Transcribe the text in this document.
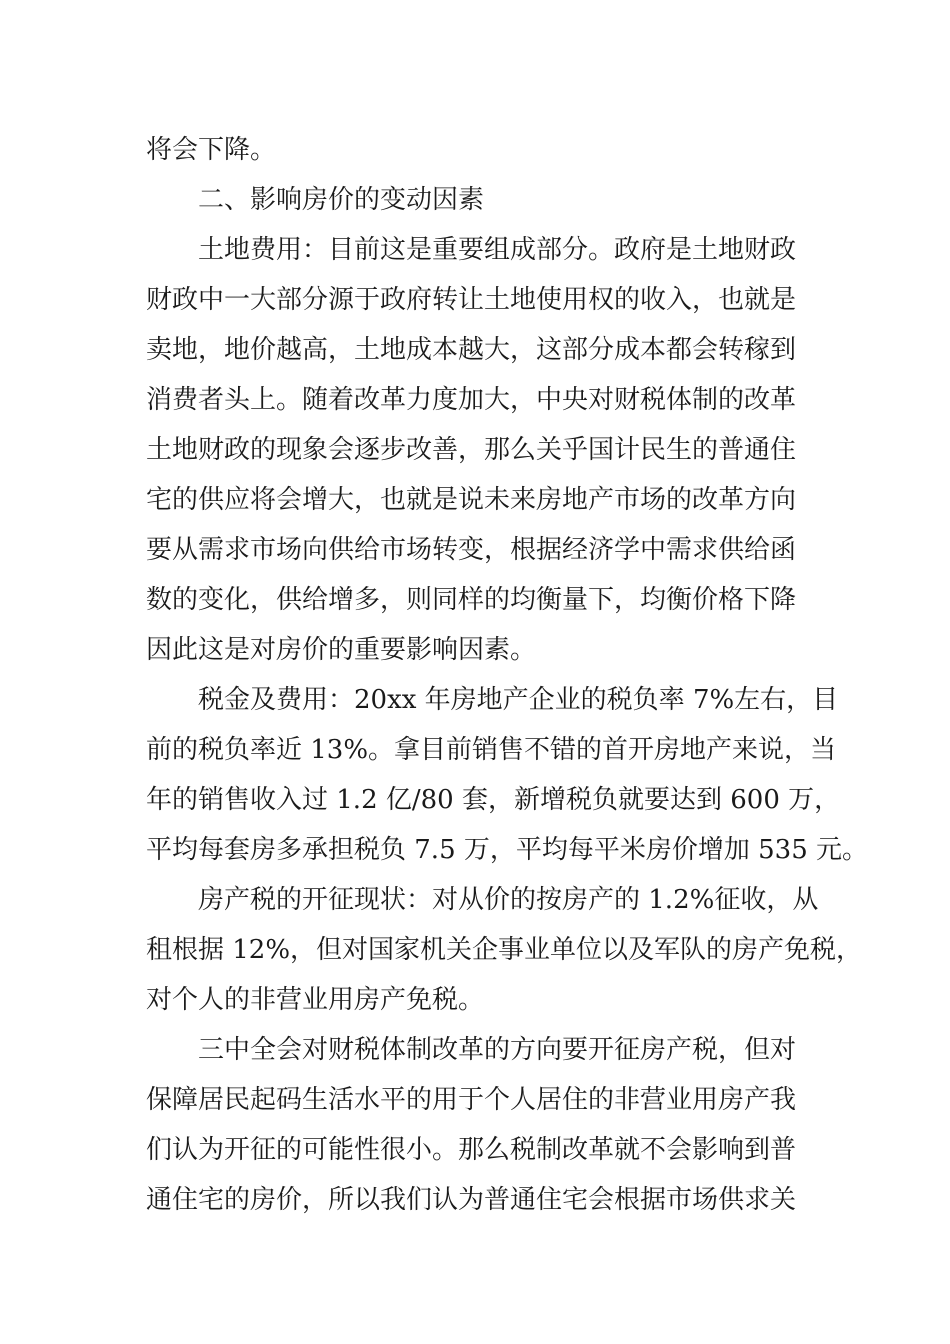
将会下降。
二、影响房价的变动因素
土地费用：目前这是重要组成部分。政府是土地财政
财政中一大部分源于政府转让土地使用权的收入，也就是
卖地，地价越高，土地成本越大，这部分成本都会转稼到
消费者头上。随着改革力度加大，中央对财税体制的改革
土地财政的现象会逐步改善，那么关乎国计民生的普通住
宅的供应将会增大，也就是说未来房地产市场的改革方向
要从需求市场向供给市场转变，根据经济学中需求供给函
数的变化，供给增多，则同样的均衡量下，均衡价格下降
因此这是对房价的重要影响因素。
税金及费用：20xx 年房地产企业的税负率 7%左右，目
前的税负率近 13%。拿目前销售不错的首开房地产来说，当
年的销售收入过 1.2 亿/80 套，新增税负就要达到 600 万，
平均每套房多承担税负 7.5 万，平均每平米房价增加 535 元。
房产税的开征现状：对从价的按房产的 1.2%征收，从
租根据 12%，但对国家机关企事业单位以及军队的房产免税，
对个人的非营业用房产免税。
三中全会对财税体制改革的方向要开征房产税，但对
保障居民起码生活水平的用于个人居住的非营业用房产我
们认为开征的可能性很小。那么税制改革就不会影响到普
通住宅的房价，所以我们认为普通住宅会根据市场供求关
